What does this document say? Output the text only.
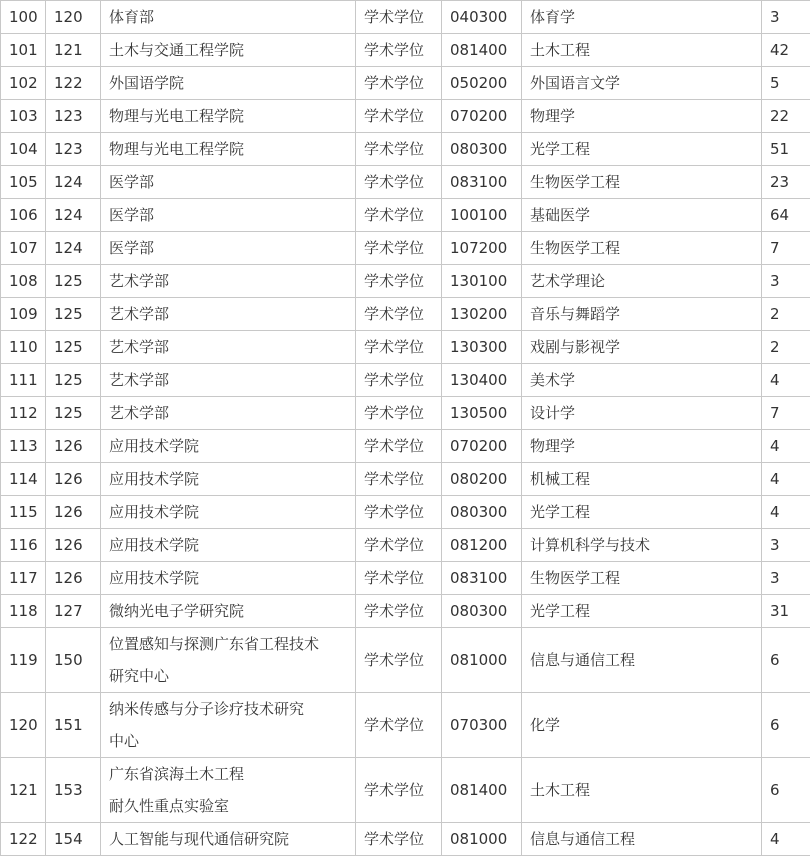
100	120	体育部	学术学位	040300	体育学	3
101	121	土木与交通工程学院	学术学位	081400	土木工程	42
102	122	外国语学院	学术学位	050200	外国语言文学	5
103	123	物理与光电工程学院	学术学位	070200	物理学	22
104	123	物理与光电工程学院	学术学位	080300	光学工程	51
105	124	医学部	学术学位	083100	生物医学工程	23
106	124	医学部	学术学位	100100	基础医学	64
107	124	医学部	学术学位	107200	生物医学工程	7
108	125	艺术学部	学术学位	130100	艺术学理论	3
109	125	艺术学部	学术学位	130200	音乐与舞蹈学	2
110	125	艺术学部	学术学位	130300	戏剧与影视学	2
111	125	艺术学部	学术学位	130400	美术学	4
112	125	艺术学部	学术学位	130500	设计学	7
113	126	应用技术学院	学术学位	070200	物理学	4
114	126	应用技术学院	学术学位	080200	机械工程	4
115	126	应用技术学院	学术学位	080300	光学工程	4
116	126	应用技术学院	学术学位	081200	计算机科学与技术	3
117	126	应用技术学院	学术学位	083100	生物医学工程	3
118	127	微纳光电子学研究院	学术学位	080300	光学工程	31
119	150	位置感知与探测广东省工程技术
研究中心	学术学位	081000	信息与通信工程	6
120	151	纳米传感与分子诊疗技术研究
中心	学术学位	070300	化学	6
121	153	广东省滨海土木工程
耐久性重点实验室	学术学位	081400	土木工程	6
122	154	人工智能与现代通信研究院	学术学位	081000	信息与通信工程	4
